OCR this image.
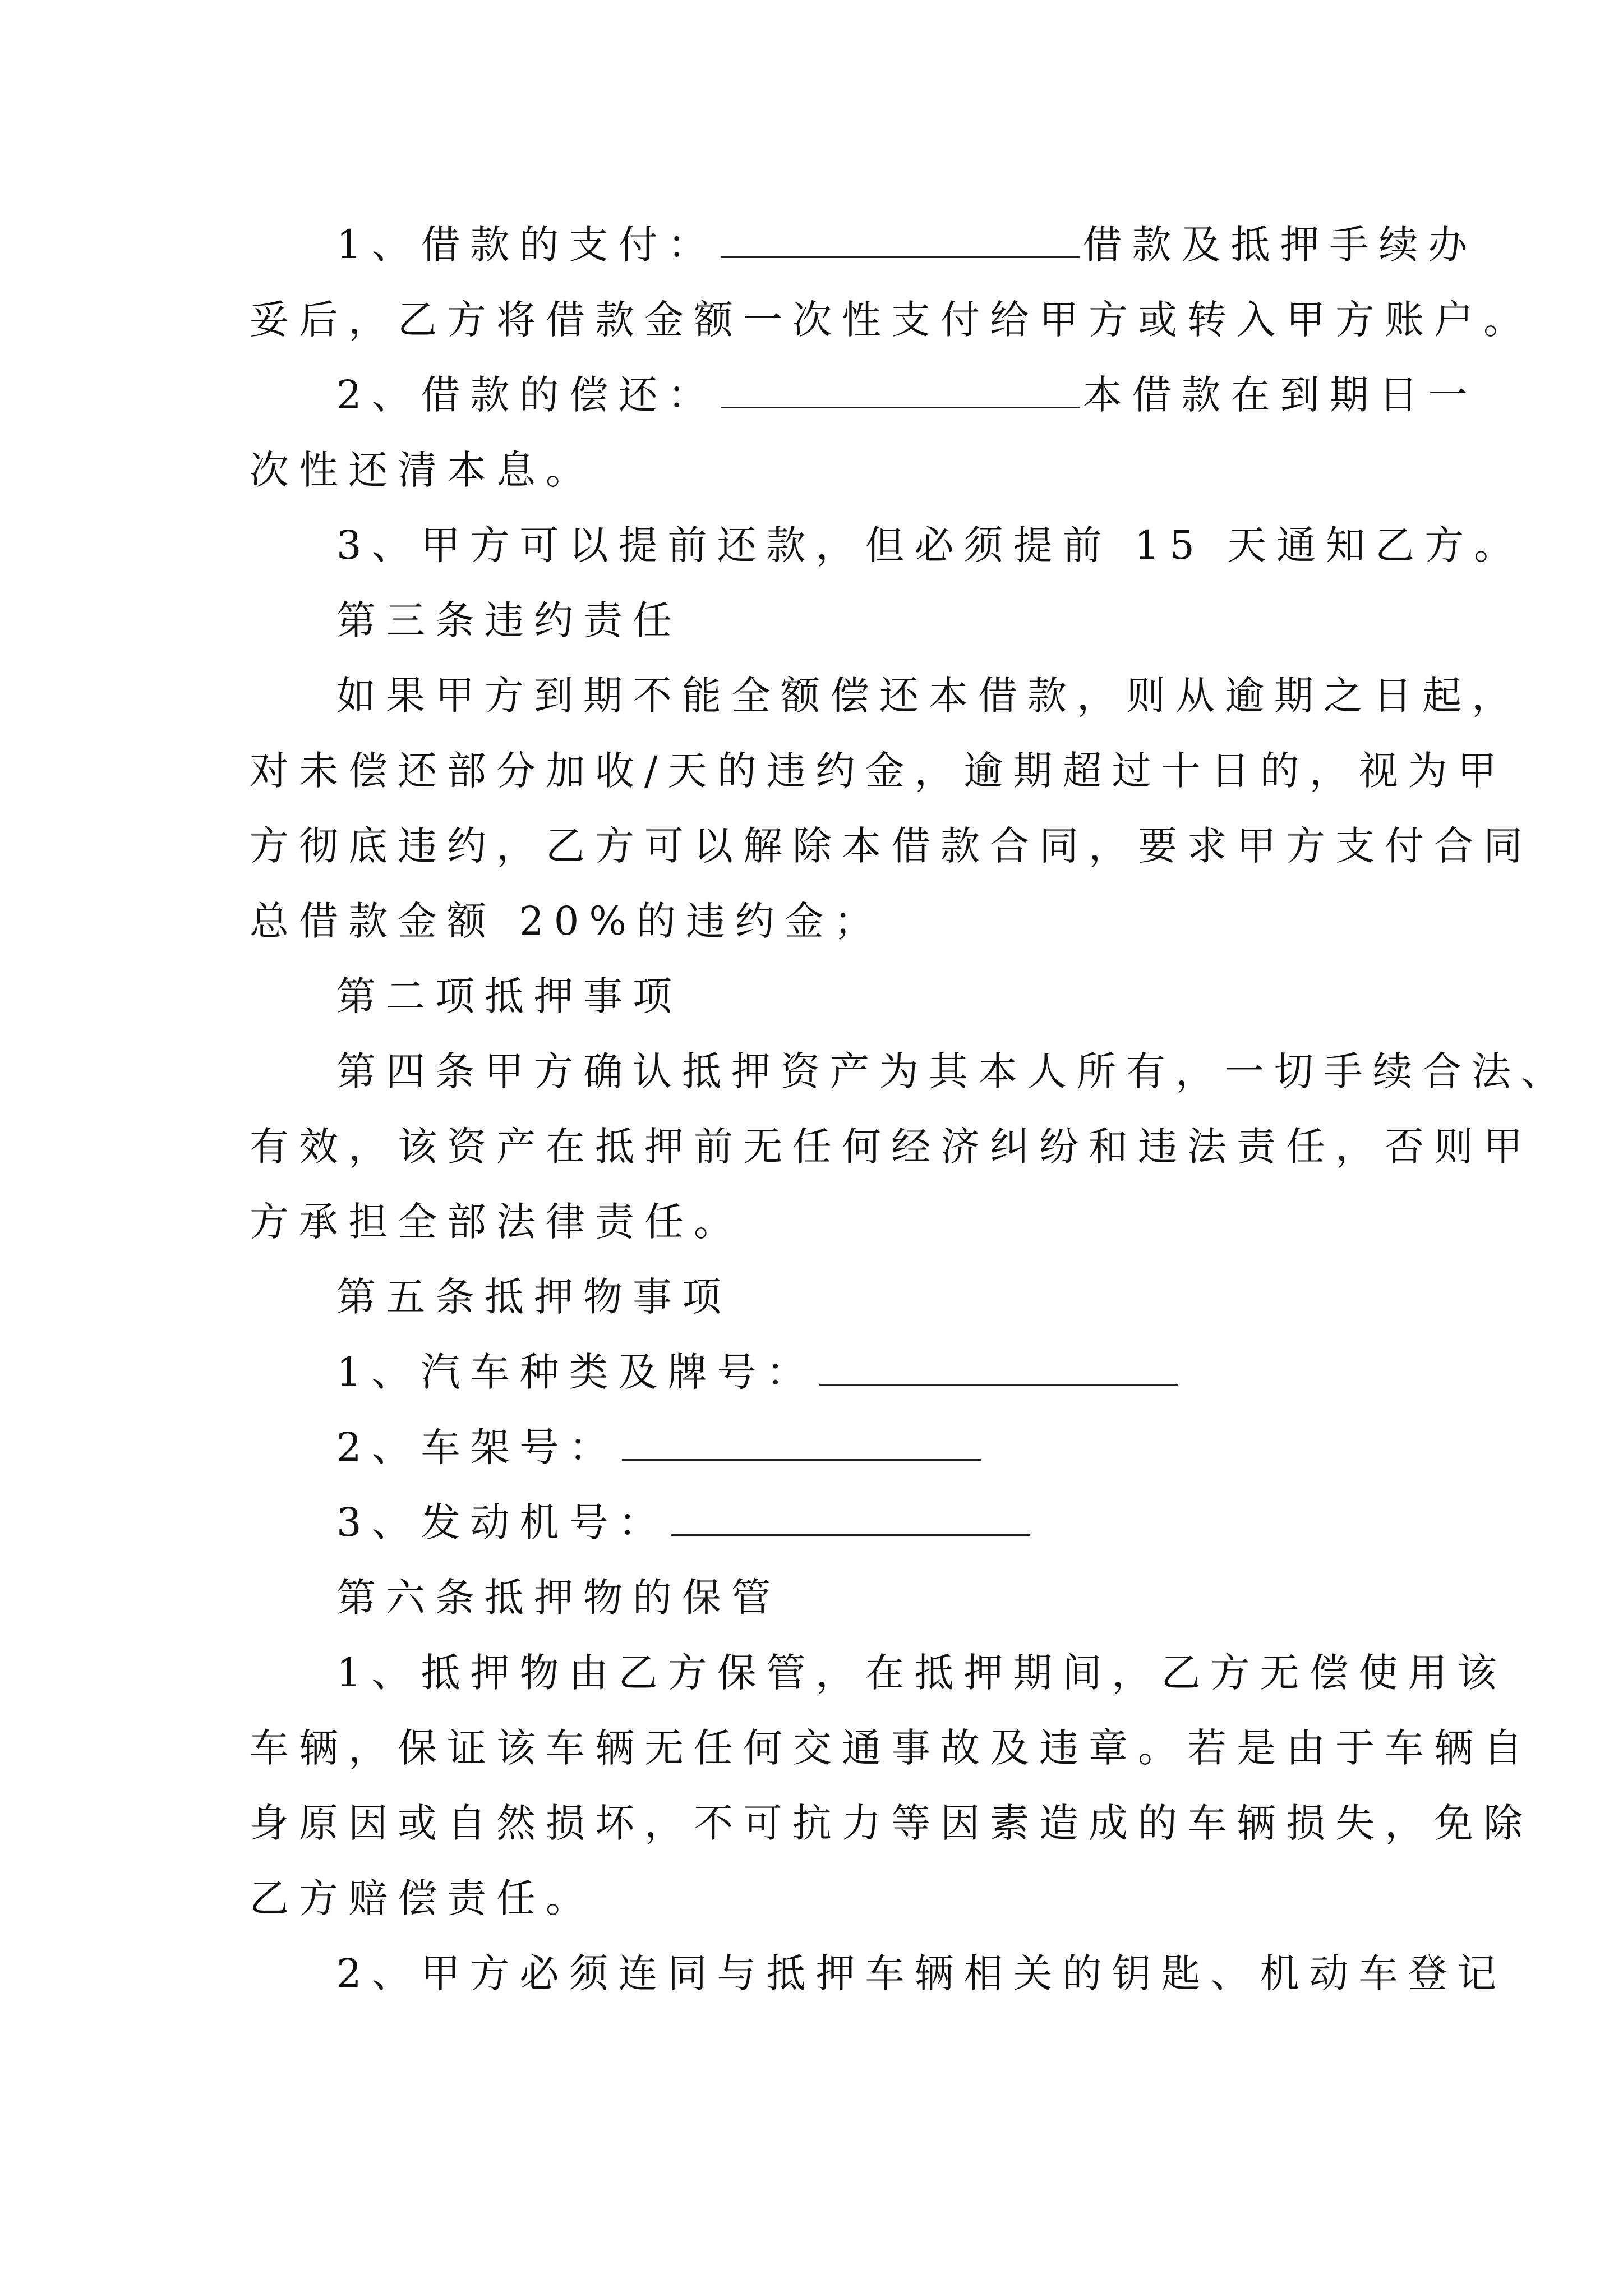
1、借款的支付：	借款及抵押手续办
妥后，乙方将借款金额一次性支付给甲方或转入甲方账户。
2、借款的偿还：	本借款在到期日一
次性还清本息。
3、甲方可以提前还款，但必须提前 15 天通知乙方。
第三条违约责任
如果甲方到期不能全额偿还本借款，则从逾期之日起，
对未偿还部分加收/天的违约金，逾期超过十日的，视为甲
方彻底违约，乙方可以解除本借款合同，要求甲方支付合同
总借款金额 20%的违约金；
第二项抵押事项
第四条甲方确认抵押资产为其本人所有，一切手续合法、
有效，该资产在抵押前无任何经济纠纷和违法责任，否则甲
方承担全部法律责任。
第五条抵押物事项
1、汽车种类及牌号：
2、车架号：
3、发动机号：
第六条抵押物的保管
1、抵押物由乙方保管，在抵押期间，乙方无偿使用该
车辆，保证该车辆无任何交通事故及违章。若是由于车辆自
身原因或自然损坏，不可抗力等因素造成的车辆损失，免除
乙方赔偿责任。
2、甲方必须连同与抵押车辆相关的钥匙、机动车登记
